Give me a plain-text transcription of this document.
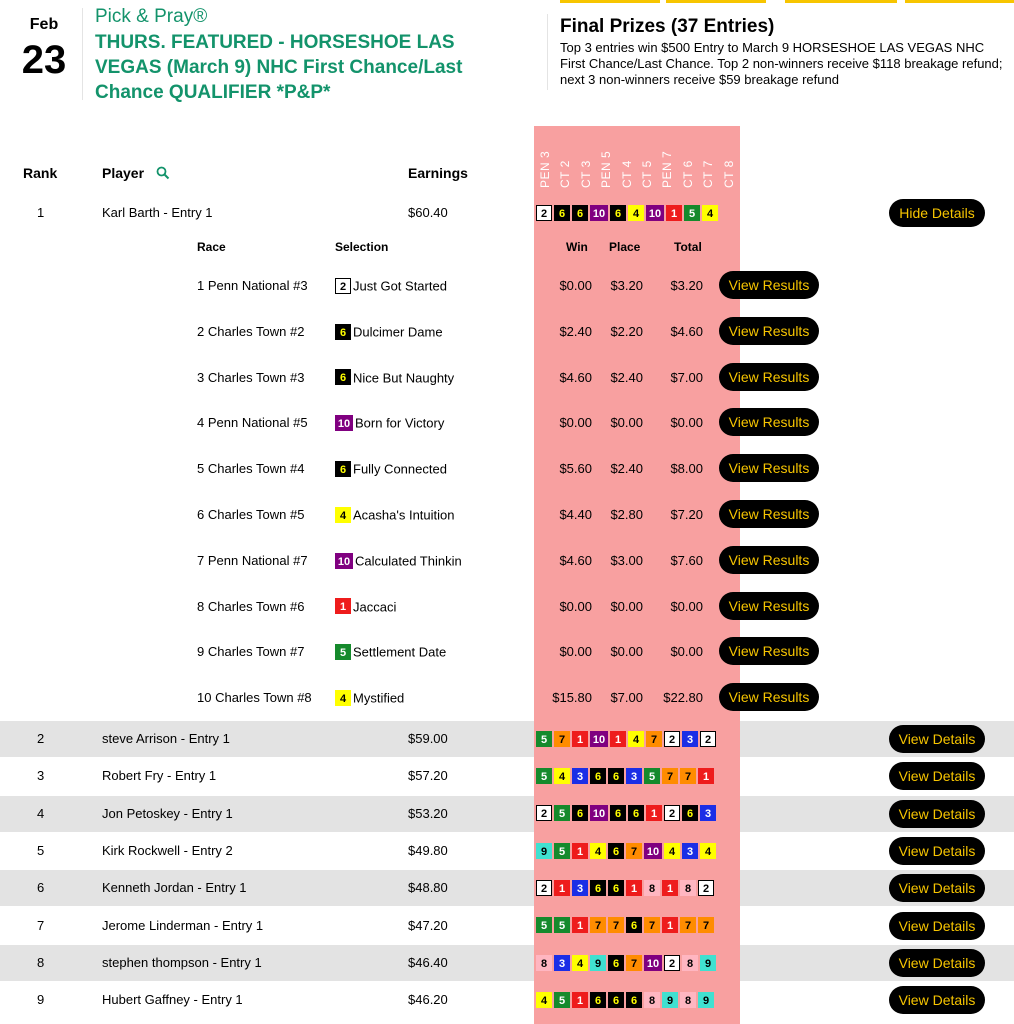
Feb
23
Pick & Pray®
THURS. FEATURED - HORSESHOE LAS VEGAS (March 9) NHC First Chance/Last Chance QUALIFIER *P&P*
Final Prizes (37 Entries)
Top 3 entries win $500 Entry to March 9 HORSESHOE LAS VEGAS NHC First Chance/Last Chance. Top 2 non-winners receive $118 breakage refund; next 3 non-winners receive $59 breakage refund
PEN 3 CT 2 CT 3 PEN 5 CT 4 CT 5 PEN 7 CT 6 CT 7 CT 8
Rank	Player	Earnings
1	Karl Barth - Entry 1	$60.40	2 6 6 10 6 4 10 1 5 4	Hide Details
Race	Selection	Win Place	Total
1 Penn National #3	2 Just Got Started	$0.00	$3.20	$3.20	View Results
2 Charles Town #2	6 Dulcimer Dame	$2.40	$2.20	$4.60	View Results
3 Charles Town #3	6 Nice But Naughty	$4.60	$2.40	$7.00	View Results
4 Penn National #5	10 Born for Victory	$0.00	$0.00	$0.00	View Results
5 Charles Town #4	6 Fully Connected	$5.60	$2.40	$8.00	View Results
6 Charles Town #5	4 Acasha's Intuition	$4.40	$2.80	$7.20	View Results
7 Penn National #7	10 Calculated Thinkin	$4.60	$3.00	$7.60	View Results
8 Charles Town #6	1 Jaccaci	$0.00	$0.00	$0.00	View Results
9 Charles Town #7	5 Settlement Date	$0.00	$0.00	$0.00	View Results
10 Charles Town #8	4 Mystified	$15.80	$7.00	$22.80	View Results
2	steve Arrison - Entry 1	$59.00	5 7 1 10 1 4 7 2 3 2	View Details
3	Robert Fry - Entry 1	$57.20	5 4 3 6 6 3 5 7 7 1	View Details
4	Jon Petoskey - Entry 1	$53.20	2 5 6 10 6 6 1 2 6 3	View Details
5	Kirk Rockwell - Entry 2	$49.80	9 5 1 4 6 7 10 4 3 4	View Details
6	Kenneth Jordan - Entry 1	$48.80	2 1 3 6 6 1 8 1 8 2	View Details
7	Jerome Linderman - Entry 1	$47.20	5 5 1 7 7 6 7 1 7 7	View Details
8	stephen thompson - Entry 1	$46.40	8 3 4 9 6 7 10 2 8 9	View Details
9	Hubert Gaffney - Entry 1	$46.20	4 5 1 6 6 6 8 9 8 9	View Details
